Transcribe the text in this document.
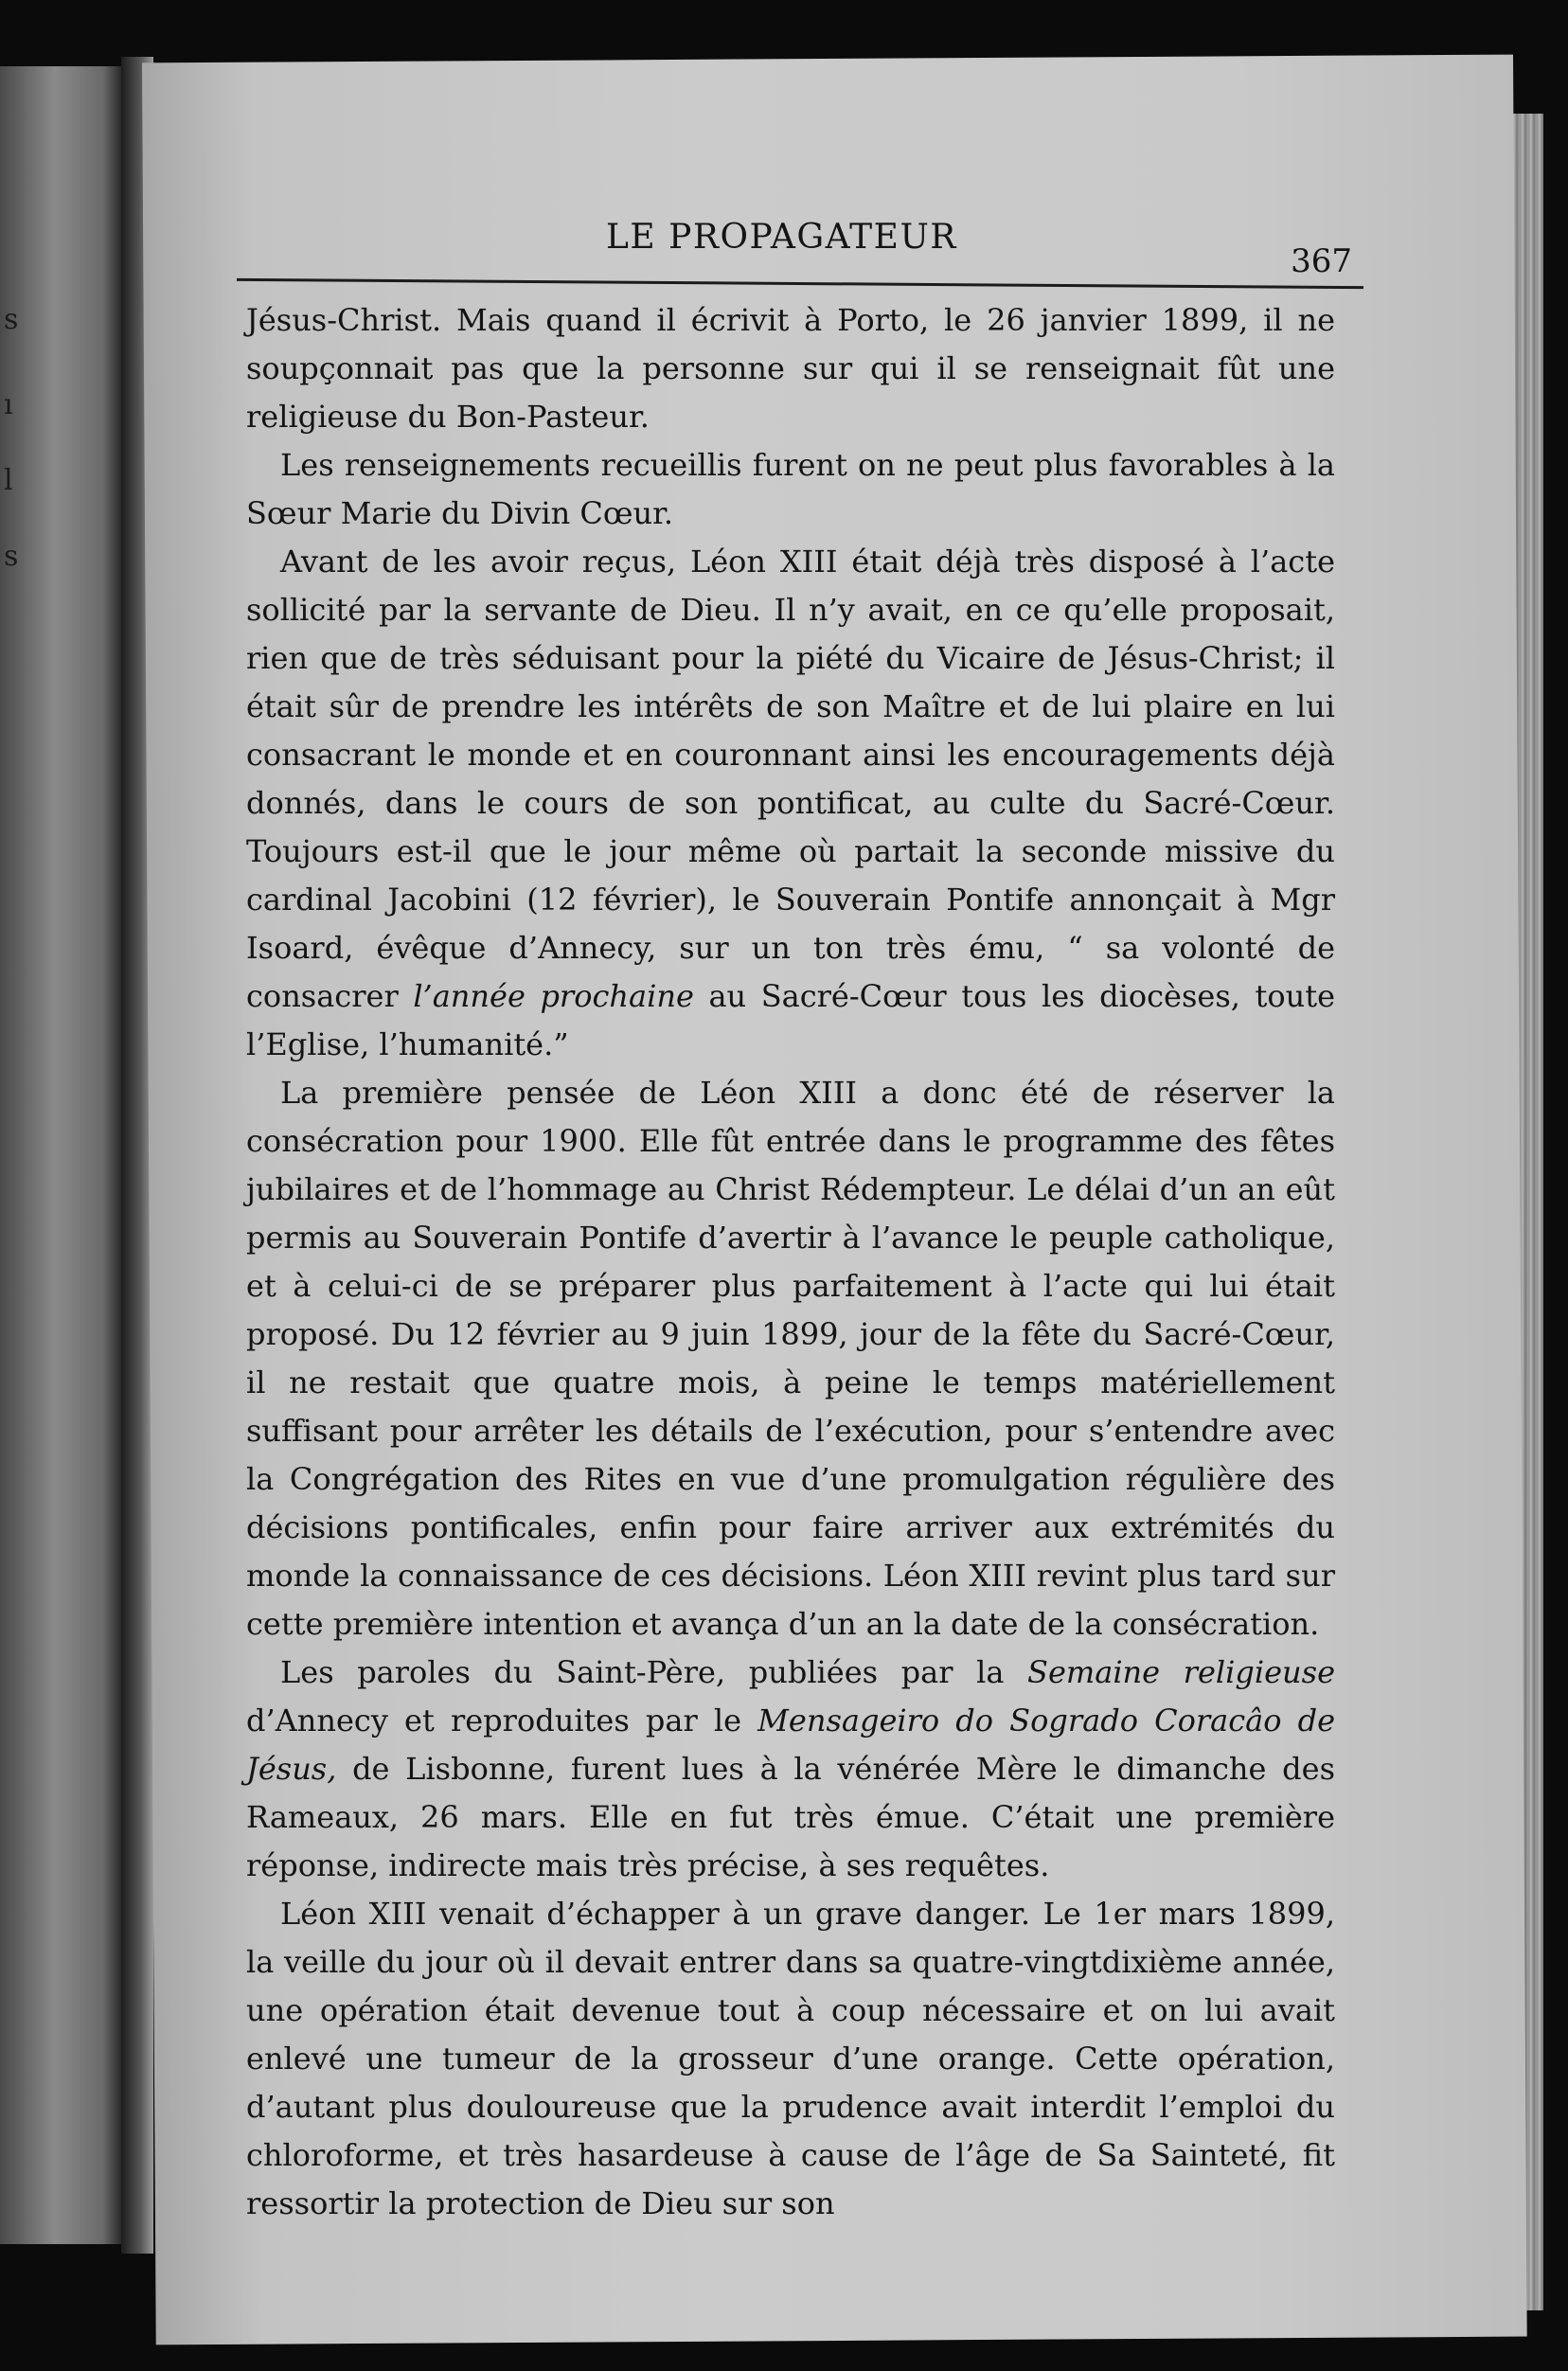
s
ı
l
s
LE PROPAGATEUR
367

Jésus-Christ. Mais quand il écrivit à Porto, le 26 janvier 1899, il ne soupçonnait pas que la personne sur qui il se renseignait fût une religieuse du Bon-Pasteur.

Les renseignements recueillis furent on ne peut plus favorables à la Sœur Marie du Divin Cœur.

Avant de les avoir reçus, Léon XIII était déjà très disposé à l’acte sollicité par la servante de Dieu. Il n’y avait, en ce qu’elle proposait, rien que de très séduisant pour la piété du Vicaire de Jésus-Christ; il était sûr de prendre les intérêts de son Maître et de lui plaire en lui consacrant le monde et en couronnant ainsi les encouragements déjà donnés, dans le cours de son pontificat, au culte du Sacré-Cœur. Toujours est-il que le jour même où partait la seconde missive du cardinal Jacobini (12 février), le Souverain Pontife annonçait à Mgr Isoard, évêque d’Annecy, sur un ton très ému, “ sa volonté de consacrer l’année prochaine au Sacré-Cœur tous les diocèses, toute l’Eglise, l’humanité.”

La première pensée de Léon XIII a donc été de réserver la consécration pour 1900. Elle fût entrée dans le programme des fêtes jubilaires et de l’hommage au Christ Rédempteur. Le délai d’un an eût permis au Souverain Pontife d’avertir à l’avance le peuple catholique, et à celui-ci de se préparer plus parfaitement à l’acte qui lui était proposé. Du 12 février au 9 juin 1899, jour de la fête du Sacré-Cœur, il ne restait que quatre mois, à peine le temps matériellement suffisant pour arrêter les détails de l’exécution, pour s’entendre avec la Congrégation des Rites en vue d’une promulgation régulière des décisions pontificales, enfin pour faire arriver aux extrémités du monde la connaissance de ces décisions. Léon XIII revint plus tard sur cette première intention et avança d’un an la date de la consécration.

Les paroles du Saint-Père, publiées par la Semaine religieuse d’Annecy et reproduites par le Mensageiro do Sogrado Coracâo de Jésus, de Lisbonne, furent lues à la vénérée Mère le dimanche des Rameaux, 26 mars. Elle en fut très émue. C’était une première réponse, indirecte mais très précise, à ses requêtes.

Léon XIII venait d’échapper à un grave danger. Le 1er mars 1899, la veille du jour où il devait entrer dans sa quatre-vingtdixième année, une opération était devenue tout à coup nécessaire et on lui avait enlevé une tumeur de la grosseur d’une orange. Cette opération, d’autant plus douloureuse que la prudence avait interdit l’emploi du chloroforme, et très hasardeuse à cause de l’âge de Sa Sainteté, fit ressortir la protection de Dieu sur son
